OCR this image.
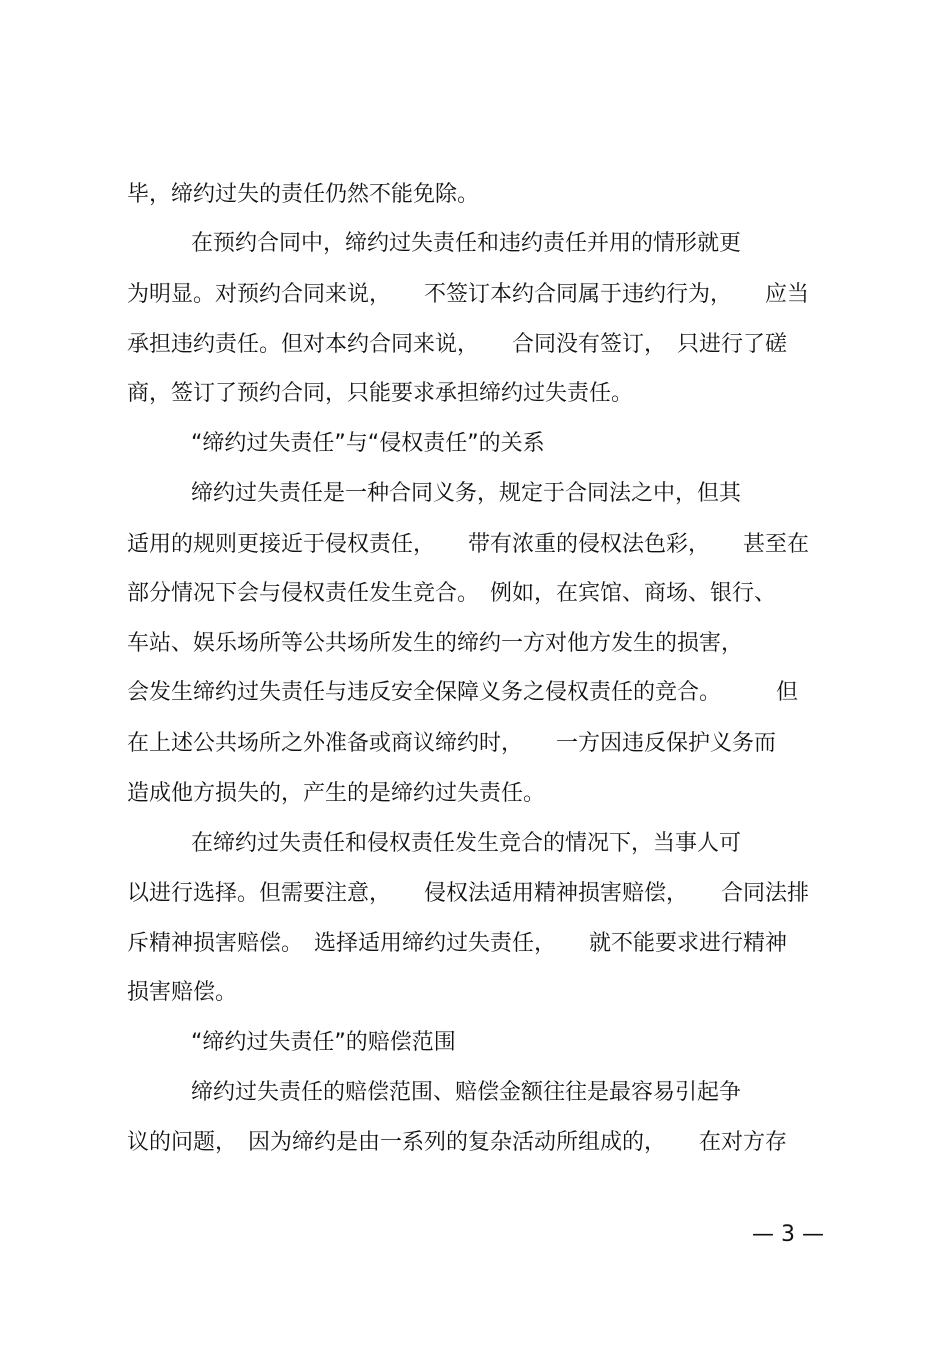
毕，缔约过失的责任仍然不能免除。
在预约合同中，缔约过失责任和违约责任并用的情形就更
为明显。对预约合同来说，　　不签订本约合同属于违约行为，　　应当
承担违约责任。但对本约合同来说，　　合同没有签订，　只进行了磋
商，签订了预约合同，只能要求承担缔约过失责任。
“缔约过失责任”与“侵权责任”的关系
缔约过失责任是一种合同义务，规定于合同法之中，但其
适用的规则更接近于侵权责任，　　带有浓重的侵权法色彩，　　甚至在
部分情况下会与侵权责任发生竞合。　例如，在宾馆、商场、银行、
车站、娱乐场所等公共场所发生的缔约一方对他方发生的损害，
会发生缔约过失责任与违反安全保障义务之侵权责任的竞合。　　　但
在上述公共场所之外准备或商议缔约时，　　一方因违反保护义务而
造成他方损失的，产生的是缔约过失责任。
在缔约过失责任和侵权责任发生竞合的情况下，当事人可
以进行选择。但需要注意，　　侵权法适用精神损害赔偿，　　合同法排
斥精神损害赔偿。　选择适用缔约过失责任，　　就不能要求进行精神
损害赔偿。
“缔约过失责任”的赔偿范围
缔约过失责任的赔偿范围、赔偿金额往往是最容易引起争
议的问题，　因为缔约是由一系列的复杂活动所组成的，　　在对方存
— 3 —
